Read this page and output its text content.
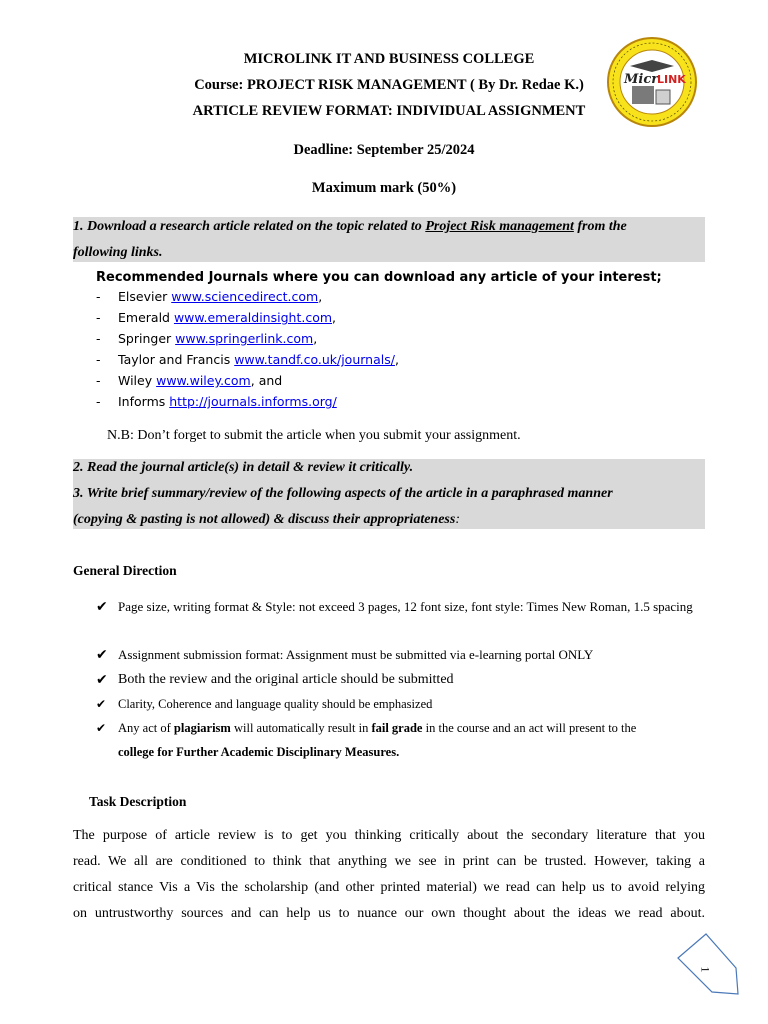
MICROLINK IT AND BUSINESS COLLEGE
Course: PROJECT RISK MANAGEMENT ( By Dr. Redae K.)
ARTICLE REVIEW FORMAT: INDIVIDUAL ASSIGNMENT
Micr
LINK
Deadline: September 25/2024
Maximum mark (50%)
1. Download a research article related on the topic related to Project Risk management from the
following links.
Recommended Journals where you can download any article of your interest;
- Elsevier www.sciencedirect.com,
- Emerald www.emeraldinsight.com,
- Springer www.springerlink.com,
- Taylor and Francis www.tandf.co.uk/journals/,
- Wiley www.wiley.com, and
- Informs http://journals.informs.org/
N.B: Don’t forget to submit the article when you submit your assignment.
2. Read the journal article(s) in detail & review it critically.
3. Write brief summary/review of the following aspects of the article in a paraphrased manner
(copying & pasting is not allowed) & discuss their appropriateness:
General Direction
✔ Page size, writing format & Style: not exceed 3 pages, 12 font size, font style: Times New Roman, 1.5 spacing
✔ Assignment submission format: Assignment must be submitted via e-learning portal ONLY
✔ Both the review and the original article should be submitted
✔ Clarity, Coherence and language quality should be emphasized
✔ Any act of plagiarism will automatically result in fail grade in the course and an act will present to the
college for Further Academic Disciplinary Measures.
Task Description
The purpose of article review is to get you thinking critically about the secondary literature that you
read. We all are conditioned to think that anything we see in print can be trusted. However, taking a
critical stance Vis a Vis the scholarship (and other printed material) we read can help us to avoid relying
on untrustworthy sources and can help us to nuance our own thought about the ideas we read about.
1
